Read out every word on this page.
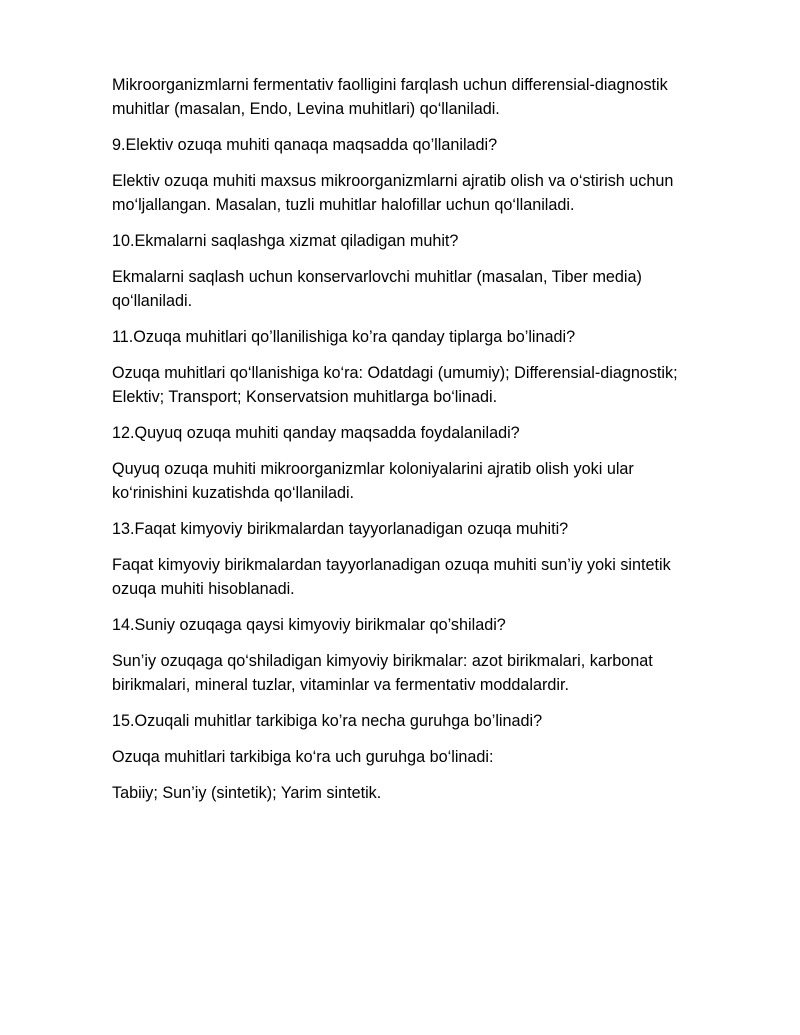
Mikroorganizmlarni fermentativ faolligini farqlash uchun differensial-diagnostik muhitlar (masalan, Endo, Levina muhitlari) qo‘llaniladi.

9.Elektiv ozuqa muhiti qanaqa maqsadda qo’llaniladi?

Elektiv ozuqa muhiti maxsus mikroorganizmlarni ajratib olish va o‘stirish uchun mo‘ljallangan. Masalan, tuzli muhitlar halofillar uchun qo‘llaniladi.

10.Ekmalarni saqlashga xizmat qiladigan muhit?

Ekmalarni saqlash uchun konservarlovchi muhitlar (masalan, Tiber media) qo‘llaniladi.

11.Ozuqa muhitlari qo’llanilishiga ko’ra qanday tiplarga bo’linadi?

Ozuqa muhitlari qo‘llanishiga ko‘ra: Odatdagi (umumiy); Differensial-diagnostik; Elektiv; Transport; Konservatsion muhitlarga bo‘linadi.

12.Quyuq ozuqa muhiti qanday maqsadda foydalaniladi?

Quyuq ozuqa muhiti mikroorganizmlar koloniyalarini ajratib olish yoki ular ko‘rinishini kuzatishda qo‘llaniladi.

13.Faqat kimyoviy birikmalardan tayyorlanadigan ozuqa muhiti?

Faqat kimyoviy birikmalardan tayyorlanadigan ozuqa muhiti sun’iy yoki sintetik ozuqa muhiti hisoblanadi.

14.Suniy ozuqaga qaysi kimyoviy birikmalar qo’shiladi?

Sun’iy ozuqaga qo‘shiladigan kimyoviy birikmalar: azot birikmalari, karbonat birikmalari, mineral tuzlar, vitaminlar va fermentativ moddalardir.

15.Ozuqali muhitlar tarkibiga ko’ra necha guruhga bo’linadi?

Ozuqa muhitlari tarkibiga ko‘ra uch guruhga bo‘linadi:

Tabiiy; Sun’iy (sintetik); Yarim sintetik.
